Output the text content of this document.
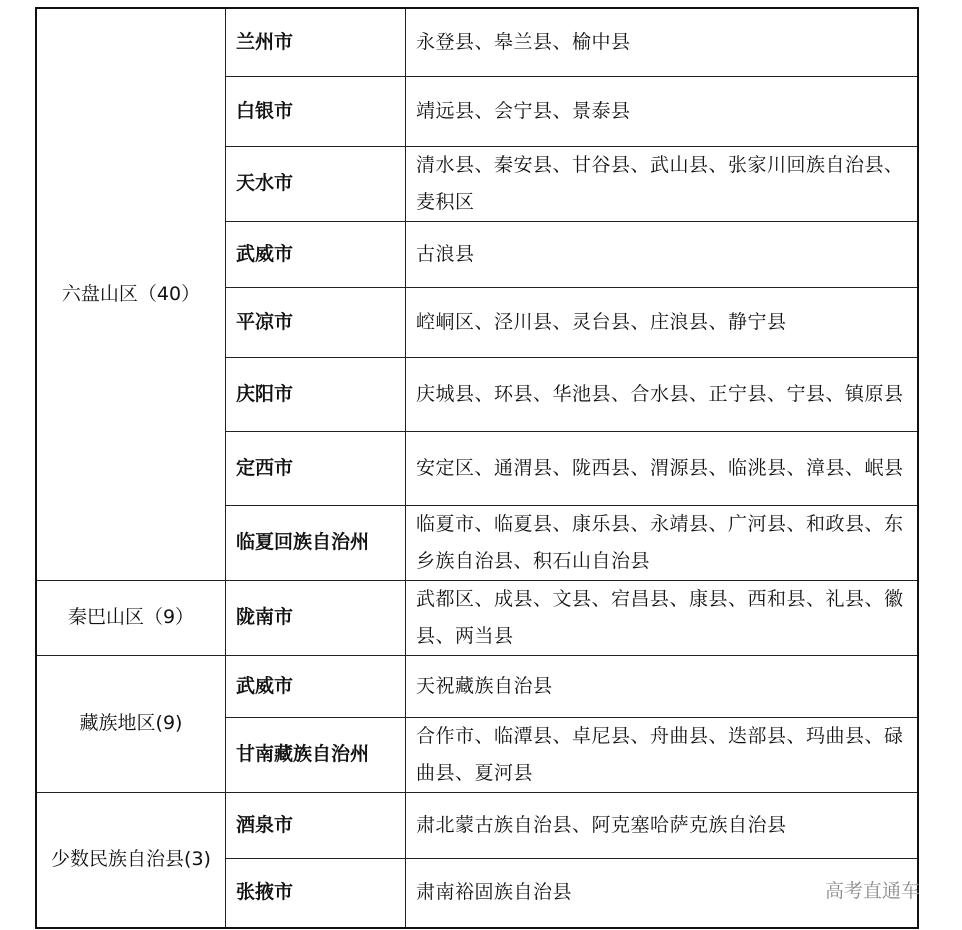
六盘山区（40）	兰州市	永登县、皋兰县、榆中县
	白银市	靖远县、会宁县、景泰县
	天水市	清水县、秦安县、甘谷县、武山县、张家川回族自治县、麦积区
	武威市	古浪县
	平凉市	崆峒区、泾川县、灵台县、庄浪县、静宁县
	庆阳市	庆城县、环县、华池县、合水县、正宁县、宁县、镇原县
	定西市	安定区、通渭县、陇西县、渭源县、临洮县、漳县、岷县
	临夏回族自治州	临夏市、临夏县、康乐县、永靖县、广河县、和政县、东乡族自治县、积石山自治县
秦巴山区（9）	陇南市	武都区、成县、文县、宕昌县、康县、西和县、礼县、徽县、两当县
藏族地区(9)	武威市	天祝藏族自治县
	甘南藏族自治州	合作市、临潭县、卓尼县、舟曲县、迭部县、玛曲县、碌曲县、夏河县
少数民族自治县(3)	酒泉市	肃北蒙古族自治县、阿克塞哈萨克族自治县
	张掖市	肃南裕固族自治县	高考直通车
